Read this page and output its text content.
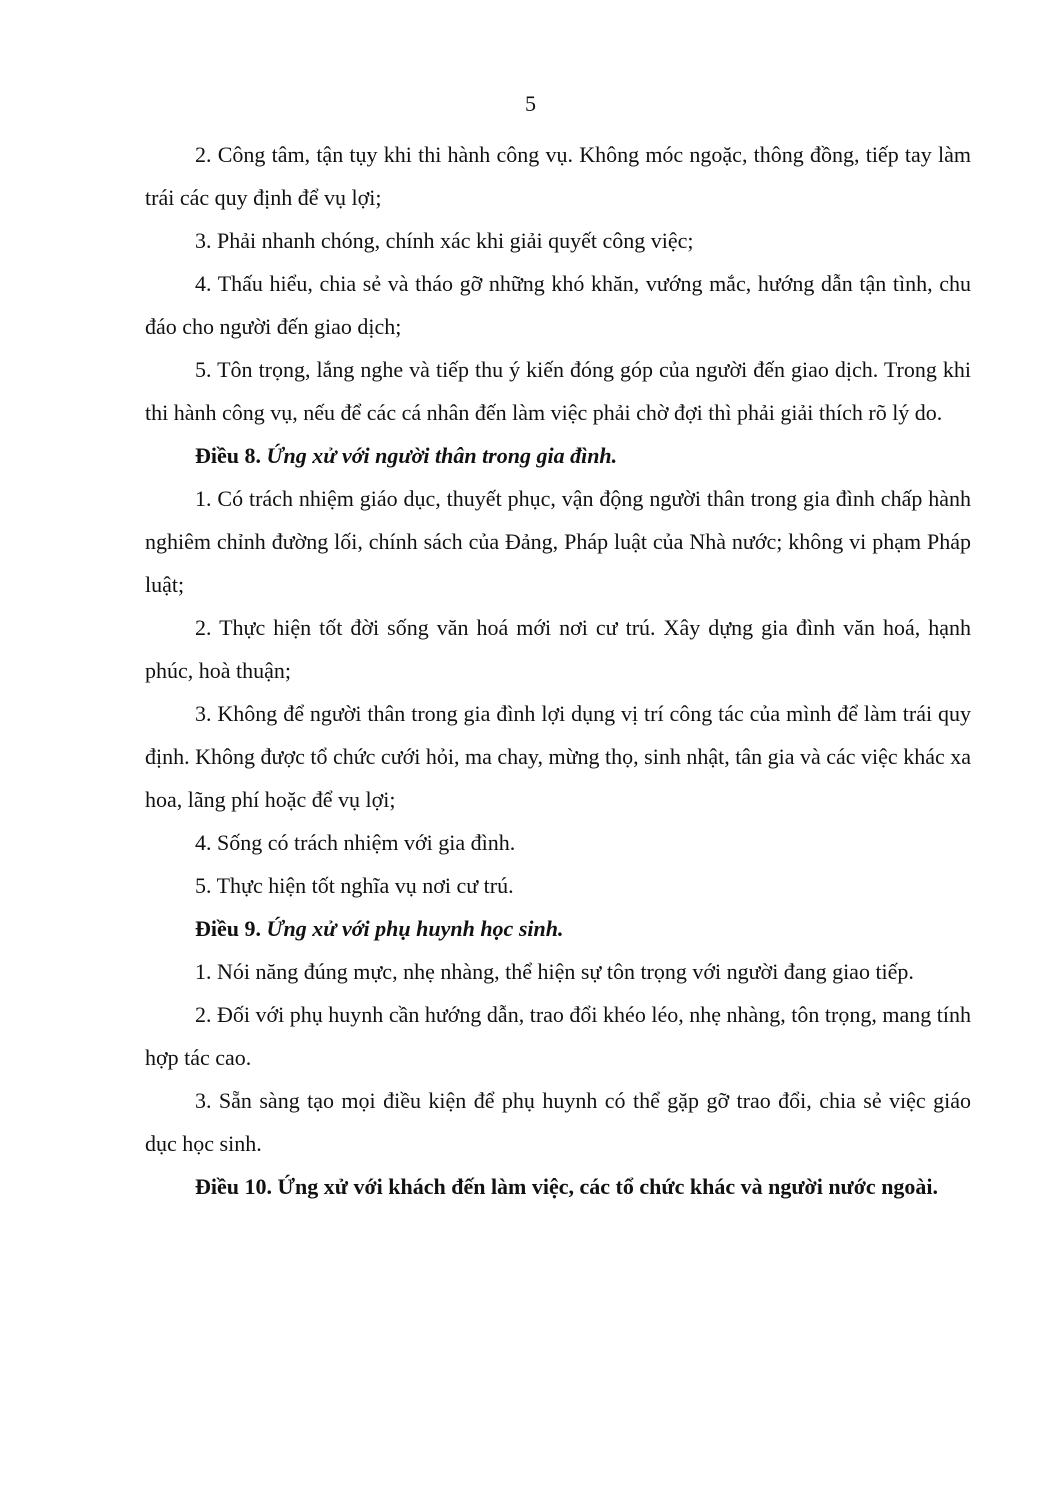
5

2. Công tâm, tận tụy khi thi hành công vụ. Không móc ngoặc, thông đồng, tiếp tay làm trái các quy định để vụ lợi;

3. Phải nhanh chóng, chính xác khi giải quyết công việc;

4. Thấu hiểu, chia sẻ và tháo gỡ những khó khăn, vướng mắc, hướng dẫn tận tình, chu đáo cho người đến giao dịch;

5. Tôn trọng, lắng nghe và tiếp thu ý kiến đóng góp của người đến giao dịch. Trong khi thi hành công vụ, nếu để các cá nhân đến làm việc phải chờ đợi thì phải giải thích rõ lý do.

Điều 8. Ứng xử với người thân trong gia đình.

1. Có trách nhiệm giáo dục, thuyết phục, vận động người thân trong gia đình chấp hành nghiêm chỉnh đường lối, chính sách của Đảng, Pháp luật của Nhà nước; không vi phạm Pháp luật;

2. Thực hiện tốt đời sống văn hoá mới nơi cư trú. Xây dựng gia đình văn hoá, hạnh phúc, hoà thuận;

3. Không để người thân trong gia đình lợi dụng vị trí công tác của mình để làm trái quy định. Không được tổ chức cưới hỏi, ma chay, mừng thọ, sinh nhật, tân gia và các việc khác xa hoa, lãng phí hoặc để vụ lợi;

4. Sống có trách nhiệm với gia đình.

5. Thực hiện tốt nghĩa vụ nơi cư trú.

Điều 9. Ứng xử với phụ huynh học sinh.

1. Nói năng đúng mực, nhẹ nhàng, thể hiện sự tôn trọng với người đang giao tiếp.

2. Đối với phụ huynh cần hướng dẫn, trao đổi khéo léo, nhẹ nhàng, tôn trọng, mang tính hợp tác cao.

3. Sẵn sàng tạo mọi điều kiện để phụ huynh có thể gặp gỡ trao đổi, chia sẻ việc giáo dục học sinh.

Điều 10. Ứng xử với khách đến làm việc, các tổ chức khác và người nước ngoài.
